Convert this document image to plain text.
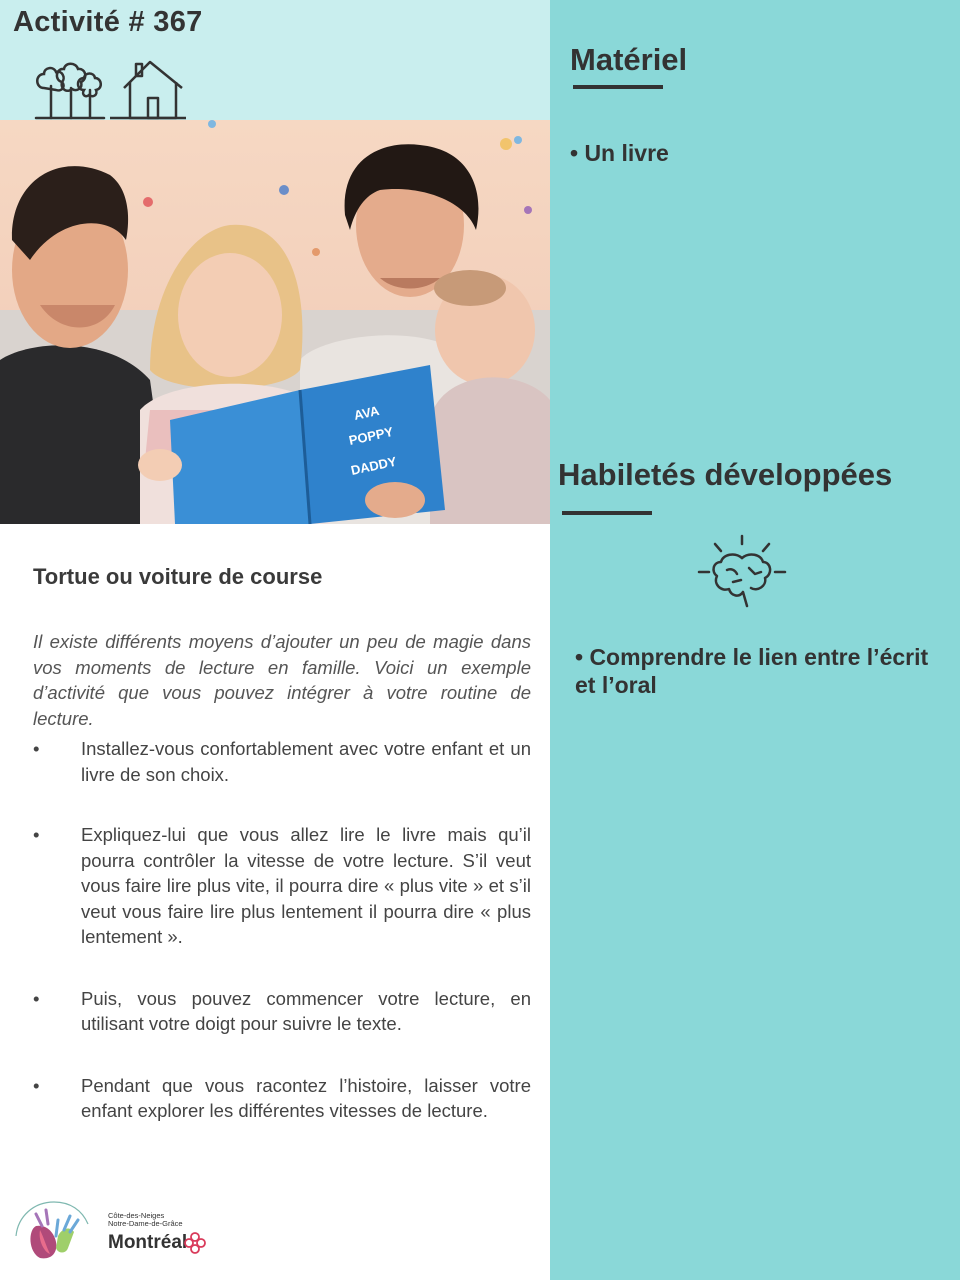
Activité # 367
AVA
POPPY
DADDY
Matériel
• Un livre
Habiletés développées
• Comprendre le lien entre l’écrit et l’oral
Tortue ou voiture de course

Il existe différents moyens d’ajouter un peu de magie dans vos moments de lecture en famille. Voici un exemple d’activité que vous pouvez intégrer à votre routine de lecture.

• Installez-vous confortablement avec votre enfant et un livre de son choix.
• Expliquez-lui que vous allez lire le livre mais qu’il pourra contrôler la vitesse de votre lecture. S’il veut vous faire lire plus vite, il pourra dire « plus vite » et s’il veut vous faire lire plus lentement il pourra dire « plus lentement ».
• Puis, vous pouvez commencer votre lecture, en utilisant votre doigt pour suivre le texte.
• Pendant que vous racontez l’histoire, laisser votre enfant explorer les différentes vitesses de lecture.
Côte-des-Neiges
Notre-Dame-de-Grâce
Montréal
